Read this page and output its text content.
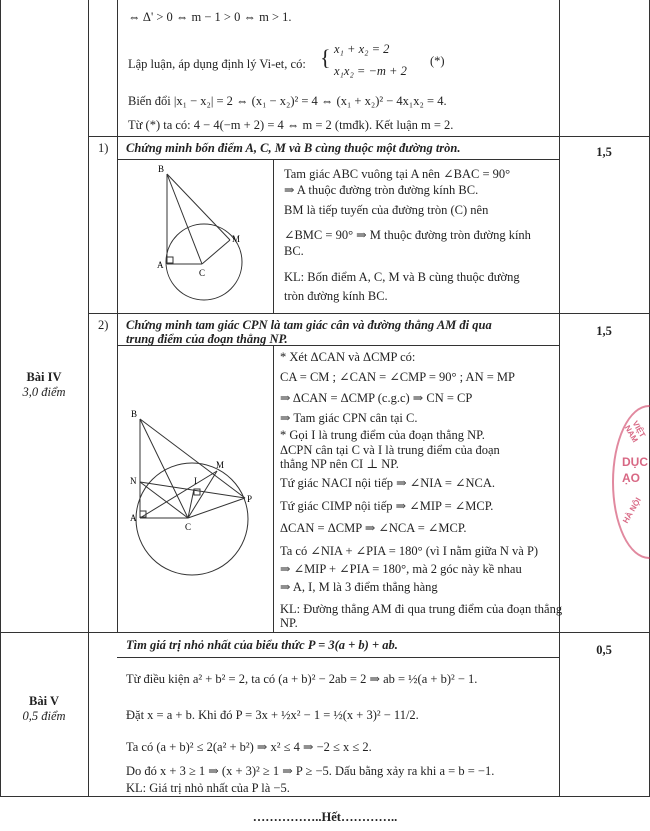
⇔ Δ' > 0 ⇔ m − 1 > 0 ⇔ m > 1.
Lập luận, áp dụng định lý Vi-et, có: { x₁ + x₂ = 2
x₁x₂ = −m + 2
(*)
Biến đổi |x₁ − x₂| = 2 ⇔ (x₁ − x₂)² = 4 ⇔ (x₁ + x₂)² − 4x₁x₂ = 4.
Từ (*) ta có: 4 − 4(−m + 2) = 4 ⇔ m = 2 (tmđk). Kết luận m = 2.
Bài IV
3,0 điểm
1) Chứng minh bốn điểm A, C, M và B cùng thuộc một đường tròn.	1,5
Tam giác ABC vuông tại A nên ∠BAC = 90°
⇒ A thuộc đường tròn đường kính BC.
BM là tiếp tuyến của đường tròn (C) nên
∠BMC = 90° ⇒ M thuộc đường tròn đường kính
BC.
KL: Bốn điểm A, C, M và B cùng thuộc đường
tròn đường kính BC.
B
A
C
M
2) Chứng minh tam giác CPN là tam giác cân và đường thẳng AM đi qua
trung điểm của đoạn thẳng NP.
1,5
* Xét ΔCAN và ΔCMP có:
CA = CM ; ∠CAN = ∠CMP = 90° ; AN = MP
⇒ ΔCAN = ΔCMP (c.g.c) ⇒ CN = CP
⇒ Tam giác CPN cân tại C.
* Gọi I là trung điểm của đoạn thẳng NP.
ΔCPN cân tại C và I là trung điểm của đoạn
thẳng NP nên CI ⊥ NP.
Tứ giác NACI nội tiếp ⇒ ∠NIA = ∠NCA.
Tứ giác CIMP nội tiếp ⇒ ∠MIP = ∠MCP.
ΔCAN = ΔCMP ⇒ ∠NCA = ∠MCP.
Ta có ∠NIA + ∠PIA = 180° (vì I nằm giữa N và P)
⇒ ∠MIP + ∠PIA = 180°, mà 2 góc này kề nhau
⇒ A, I, M là 3 điểm thẳng hàng
KL: Đường thẳng AM đi qua trung điểm của đoạn thẳng
NP.
B
N
A
C
I
M
P
Bài V
0,5 điểm
Tìm giá trị nhỏ nhất của biểu thức P = 3(a + b) + ab.	0,5
Từ điều kiện a² + b² = 2, ta có (a + b)² − 2ab = 2 ⇒ ab = ½(a + b)² − 1.
Đặt x = a + b. Khi đó P = 3x + ½x² − 1 = ½(x + 3)² − 11/2.
Ta có (a + b)² ≤ 2(a² + b²) ⇒ x² ≤ 4 ⇒ −2 ≤ x ≤ 2.
Do đó x + 3 ≥ 1 ⇒ (x + 3)² ≥ 1 ⇒ P ≥ −5. Dấu bằng xảy ra khi a = b = −1.
KL: Giá trị nhỏ nhất của P là −5.
……………..Hết…………..
VIỆT NAM
DỤC
ẠO
HÀ NỘI
